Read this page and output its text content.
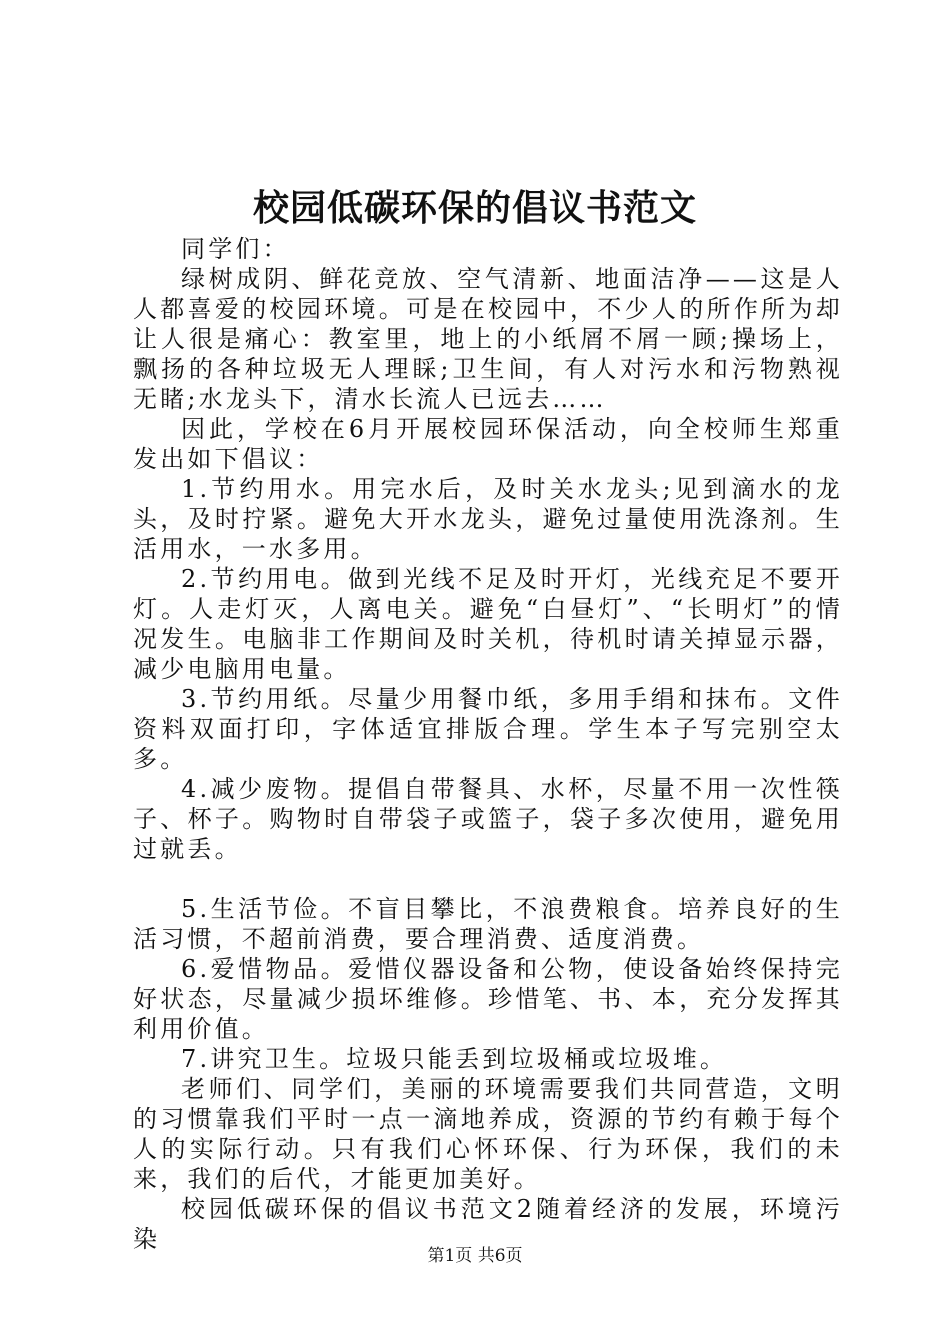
校园低碳环保的倡议书范文

同学们：

绿树成阴、鲜花竞放、空气清新、地面洁净——这是人人都喜爱的校园环境。可是在校园中，不少人的所作所为却让人很是痛心：教室里，地上的小纸屑不屑一顾;操场上，飘扬的各种垃圾无人理睬;卫生间，有人对污水和污物熟视无睹;水龙头下，清水长流人已远去……

因此，学校在6月开展校园环保活动，向全校师生郑重发出如下倡议：

1.节约用水。用完水后，及时关水龙头;见到滴水的龙头，及时拧紧。避免大开水龙头，避免过量使用洗涤剂。生活用水，一水多用。

2.节约用电。做到光线不足及时开灯，光线充足不要开灯。人走灯灭，人离电关。避免“白昼灯”、“长明灯”的情况发生。电脑非工作期间及时关机，待机时请关掉显示器，减少电脑用电量。

3.节约用纸。尽量少用餐巾纸，多用手绢和抹布。文件资料双面打印，字体适宜排版合理。学生本子写完别空太多。

4.减少废物。提倡自带餐具、水杯，尽量不用一次性筷子、杯子。购物时自带袋子或篮子，袋子多次使用，避免用过就丢。

5.生活节俭。不盲目攀比，不浪费粮食。培养良好的生活习惯，不超前消费，要合理消费、适度消费。

6.爱惜物品。爱惜仪器设备和公物，使设备始终保持完好状态，尽量减少损坏维修。珍惜笔、书、本，充分发挥其利用价值。

7.讲究卫生。垃圾只能丢到垃圾桶或垃圾堆。

老师们、同学们，美丽的环境需要我们共同营造，文明的习惯靠我们平时一点一滴地养成，资源的节约有赖于每个人的实际行动。只有我们心怀环保、行为环保，我们的未来，我们的后代，才能更加美好。

校园低碳环保的倡议书范文2随着经济的发展，环境污染

第1页 共6页
